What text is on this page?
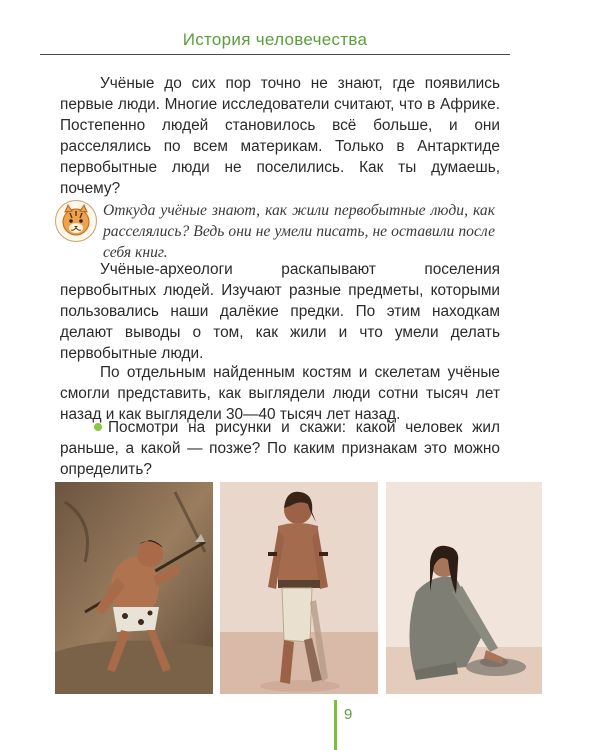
История человечества

Учёные до сих пор точно не знают, где появились первые люди. Многие исследователи считают, что в Африке. Постепенно людей становилось всё больше, и они расселялись по всем материкам. Только в Антарктиде первобытные люди не поселились. Как ты думаешь, почему?

Откуда учёные знают, как жили первобытные люди, как расселялись? Ведь они не умели писать, не оставили после себя книг.

Учёные-археологи раскапывают поселения первобытных людей. Изучают разные предметы, которыми пользовались наши далёкие предки. По этим находкам делают выводы о том, как жили и что умели делать первобытные люди.

По отдельным найденным костям и скелетам учёные смогли представить, как выглядели люди сотни тысяч лет назад и как выглядели 30—40 тысяч лет назад.

Посмотри на рисунки и скажи: какой человек жил раньше, а какой — позже? По каким признакам это можно определить?
9
